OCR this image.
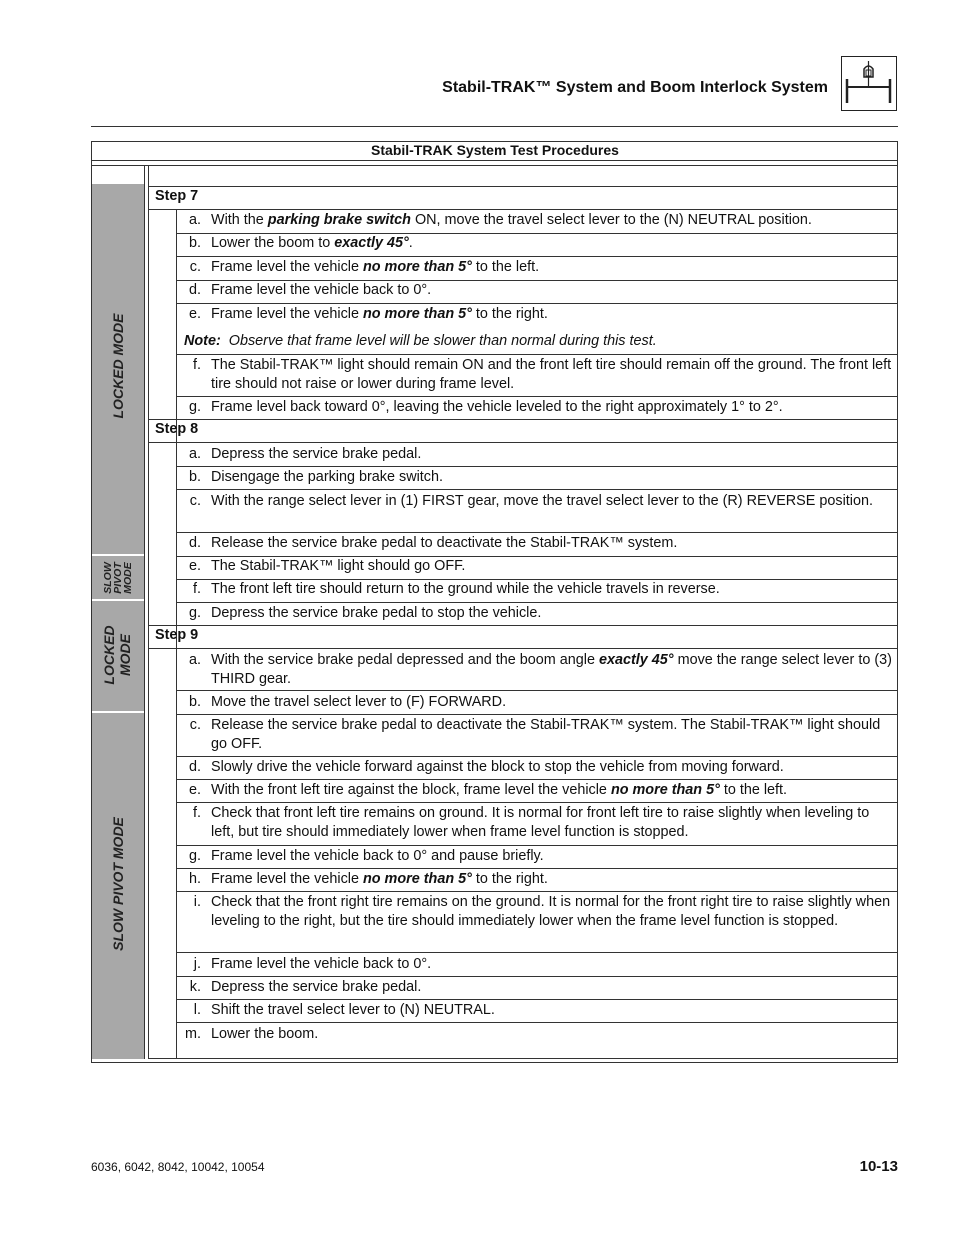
Stabil-TRAK™ System and Boom Interlock System
Stabil-TRAK System Test Procedures
LOCKED MODE
SLOW
PIVOT
MODE
LOCKED
MODE
SLOW PIVOT MODE
Step 7
a. With the parking brake switch ON, move the travel select lever to the (N) NEUTRAL position.
b. Lower the boom to exactly 45°.
c. Frame level the vehicle no more than 5° to the left.
d. Frame level the vehicle back to 0°.
e. Frame level the vehicle no more than 5° to the right.
Note: Observe that frame level will be slower than normal during this test.
f. The Stabil-TRAK™ light should remain ON and the front left tire should remain off the ground. The front left tire should not raise or lower during frame level.
g. Frame level back toward 0°, leaving the vehicle leveled to the right approximately 1° to 2°.
Step 8
a. Depress the service brake pedal.
b. Disengage the parking brake switch.
c. With the range select lever in (1) FIRST gear, move the travel select lever to the (R) REVERSE position.
d. Release the service brake pedal to deactivate the Stabil-TRAK™ system.
e. The Stabil-TRAK™ light should go OFF.
f. The front left tire should return to the ground while the vehicle travels in reverse.
g. Depress the service brake pedal to stop the vehicle.
Step 9
a. With the service brake pedal depressed and the boom angle exactly 45° move the range select lever to (3) THIRD gear.
b. Move the travel select lever to (F) FORWARD.
c. Release the service brake pedal to deactivate the Stabil-TRAK™ system. The Stabil-TRAK™ light should go OFF.
d. Slowly drive the vehicle forward against the block to stop the vehicle from moving forward.
e. With the front left tire against the block, frame level the vehicle no more than 5° to the left.
f. Check that front left tire remains on ground. It is normal for front left tire to raise slightly when leveling to left, but tire should immediately lower when frame level function is stopped.
g. Frame level the vehicle back to 0° and pause briefly.
h. Frame level the vehicle no more than 5° to the right.
i. Check that the front right tire remains on the ground. It is normal for the front right tire to raise slightly when leveling to the right, but the tire should immediately lower when the frame level function is stopped.
j. Frame level the vehicle back to 0°.
k. Depress the service brake pedal.
l. Shift the travel select lever to (N) NEUTRAL.
m. Lower the boom.
6036, 6042, 8042, 10042, 10054	10-13
